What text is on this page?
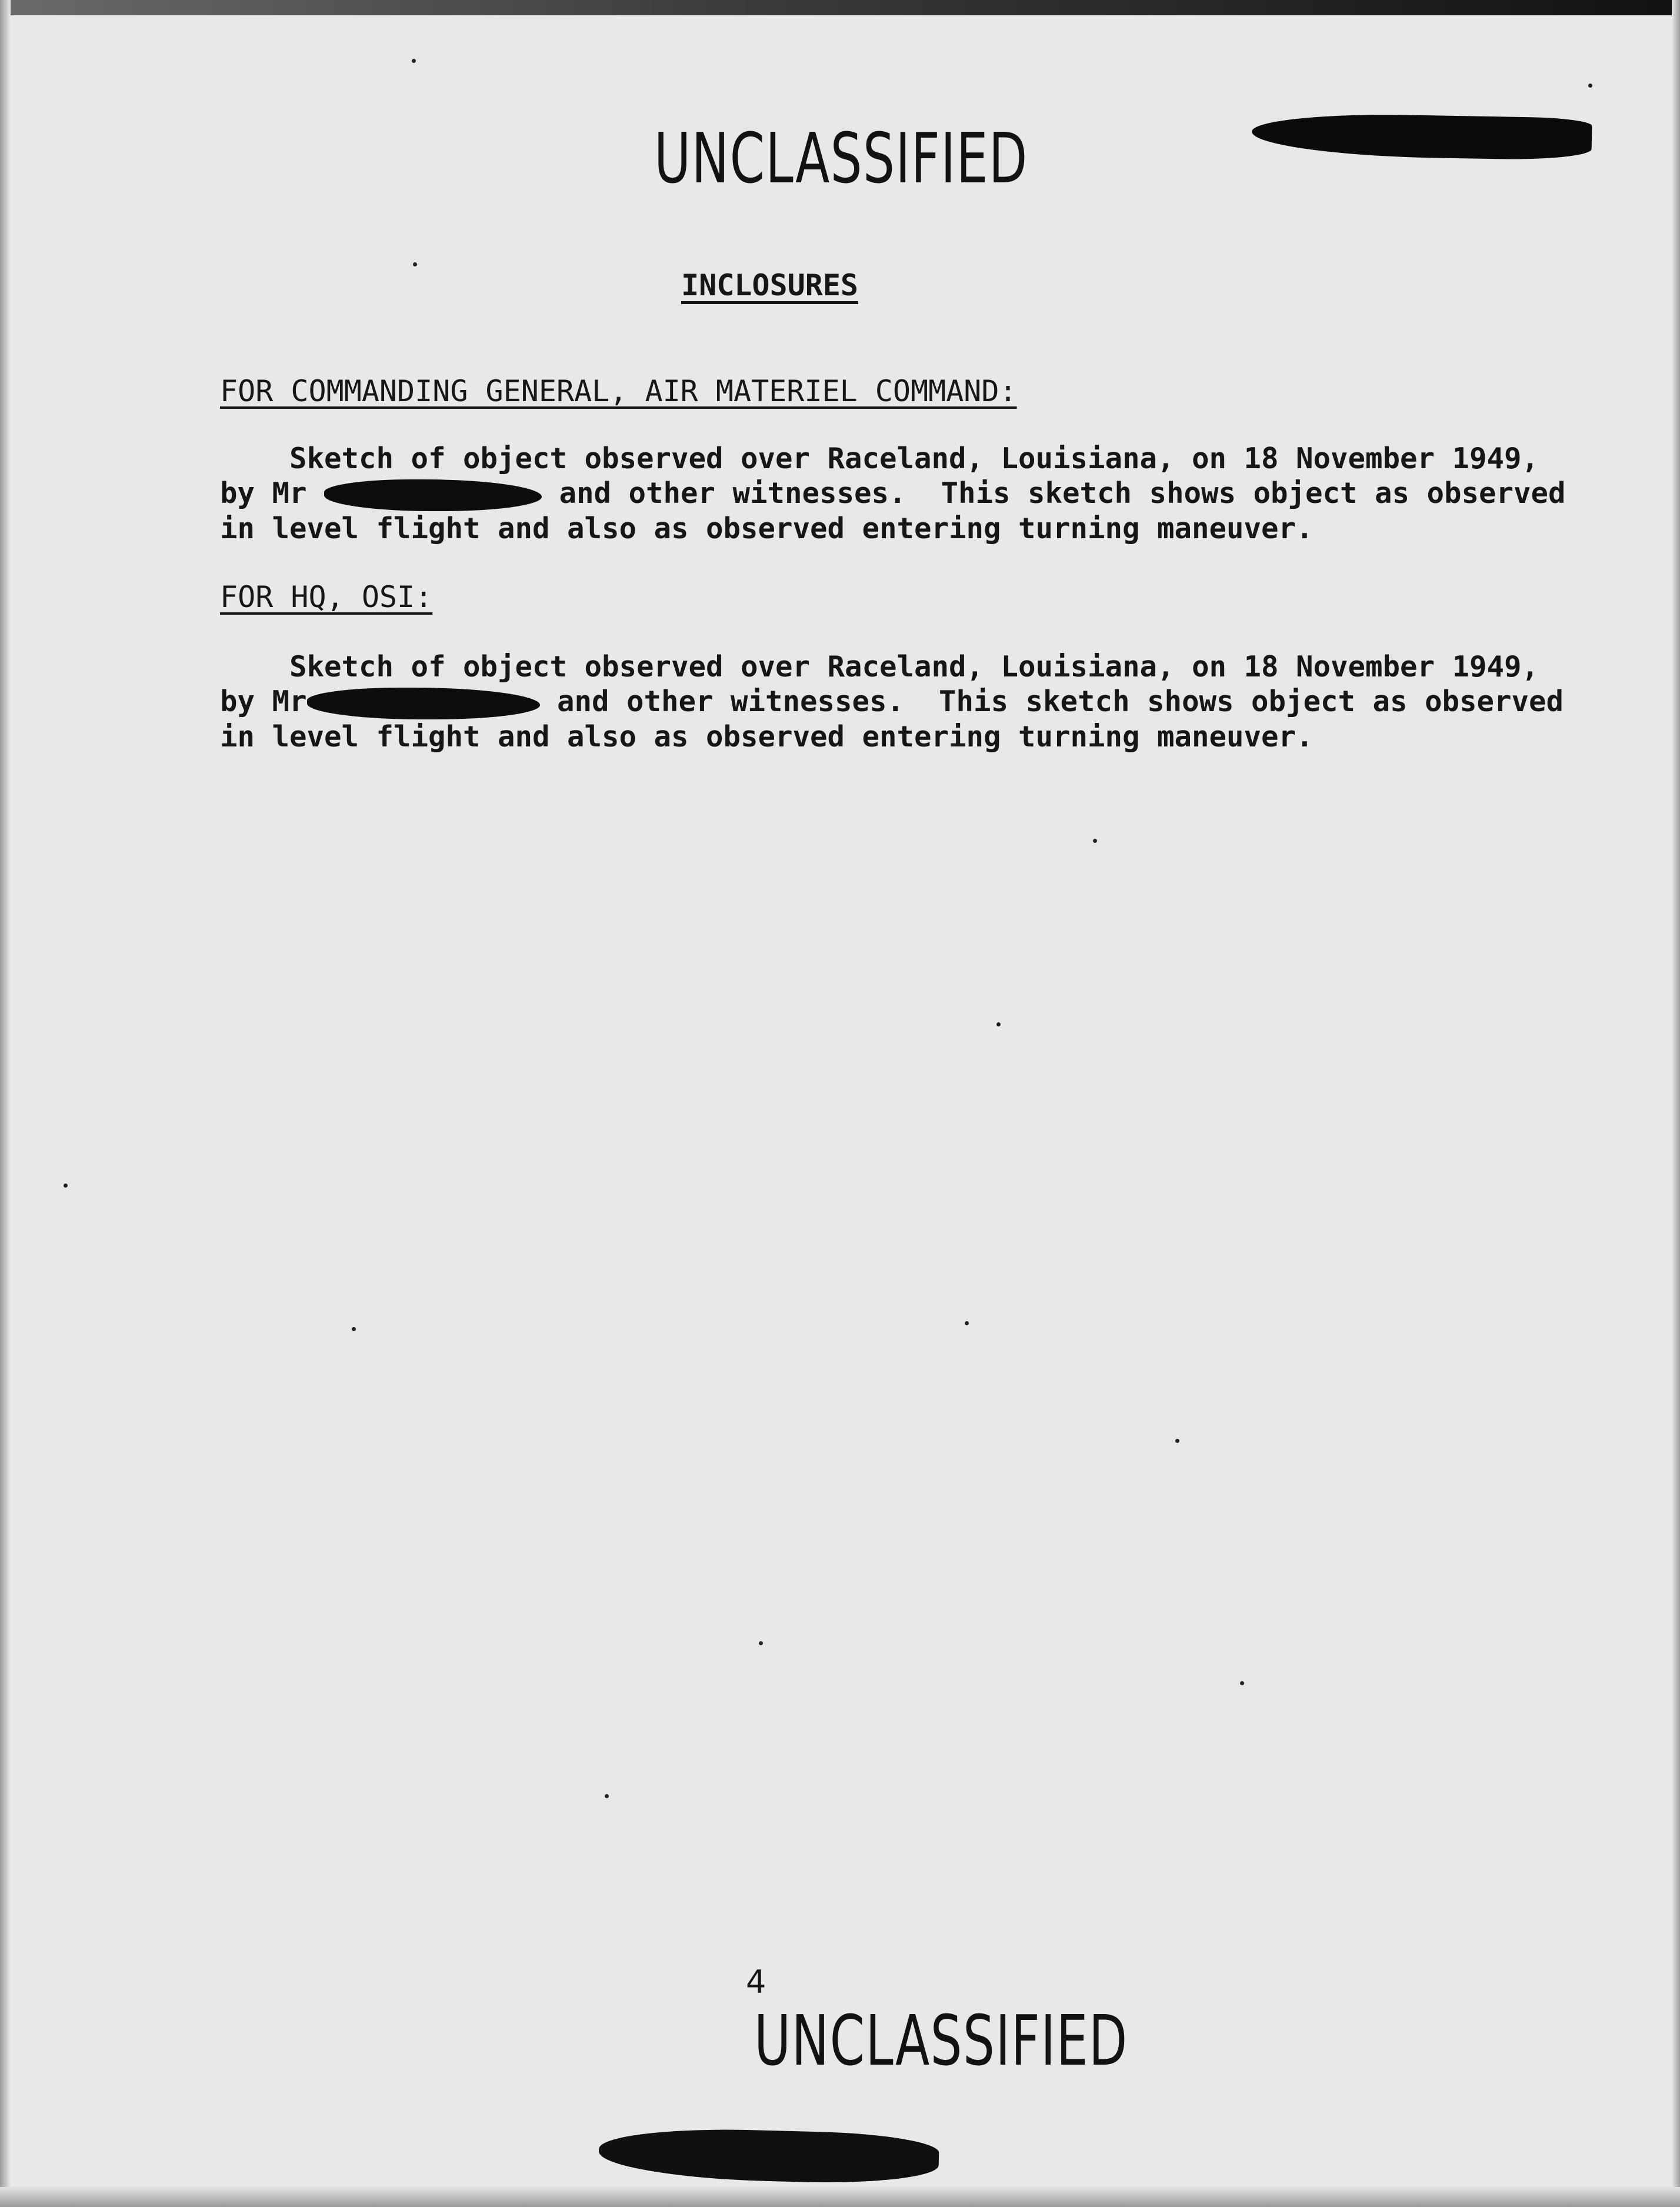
UNCLASSIFIED
INCLOSURES
FOR COMMANDING GENERAL, AIR MATERIEL COMMAND:
Sketch of object observed over Raceland, Louisiana, on 18 November 1949,
by Mr	and other witnesses.  This sketch shows object as observed
in level flight and also as observed entering turning maneuver.
FOR HQ, OSI:
Sketch of object observed over Raceland, Louisiana, on 18 November 1949,
by Mr	and other witnesses.  This sketch shows object as observed
in level flight and also as observed entering turning maneuver.
4
UNCLASSIFIED
